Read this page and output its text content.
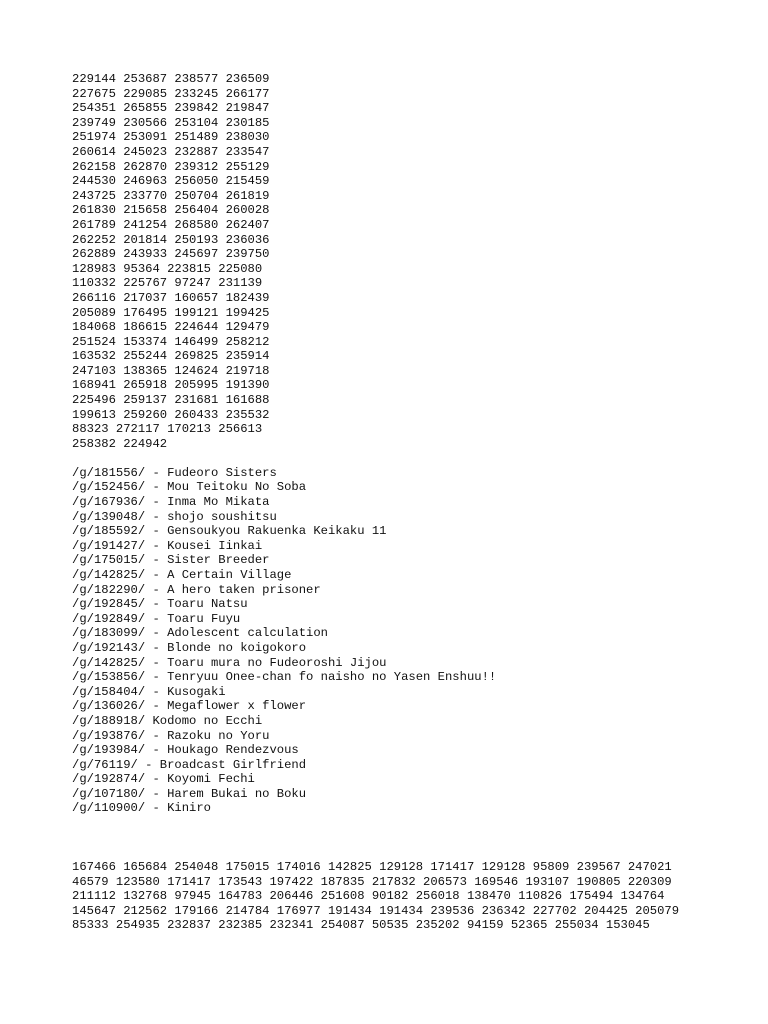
229144 253687 238577 236509
227675 229085 233245 266177
254351 265855 239842 219847
239749 230566 253104 230185
251974 253091 251489 238030
260614 245023 232887 233547
262158 262870 239312 255129
244530 246963 256050 215459
243725 233770 250704 261819
261830 215658 256404 260028
261789 241254 268580 262407
262252 201814 250193 236036
262889 243933 245697 239750
128983 95364 223815 225080
110332 225767 97247 231139
266116 217037 160657 182439
205089 176495 199121 199425
184068 186615 224644 129479
251524 153374 146499 258212
163532 255244 269825 235914
247103 138365 124624 219718
168941 265918 205995 191390
225496 259137 231681 161688
199613 259260 260433 235532
88323 272117 170213 256613
258382 224942
/g/181556/ - Fudeoro Sisters
/g/152456/ - Mou Teitoku No Soba
/g/167936/ - Inma Mo Mikata
/g/139048/ - shojo soushitsu
/g/185592/ - Gensoukyou Rakuenka Keikaku 11
/g/191427/ - Kousei Iinkai
/g/175015/ - Sister Breeder
/g/142825/ - A Certain Village
/g/182290/ - A hero taken prisoner
/g/192845/ - Toaru Natsu
/g/192849/ - Toaru Fuyu
/g/183099/ - Adolescent calculation
/g/192143/ - Blonde no koigokoro
/g/142825/ - Toaru mura no Fudeoroshi Jijou
/g/153856/ - Tenryuu Onee-chan fo naisho no Yasen Enshuu!!
/g/158404/ - Kusogaki
/g/136026/ - Megaflower x flower
/g/188918/ Kodomo no Ecchi
/g/193876/ - Razoku no Yoru
/g/193984/ - Houkago Rendezvous
/g/76119/ - Broadcast Girlfriend
/g/192874/ - Koyomi Fechi
/g/107180/ - Harem Bukai no Boku
/g/110900/ - Kiniro
167466 165684 254048 175015 174016 142825 129128 171417 129128 95809 239567 247021
46579 123580 171417 173543 197422 187835 217832 206573 169546 193107 190805 220309
211112 132768 97945 164783 206446 251608 90182 256018 138470 110826 175494 134764
145647 212562 179166 214784 176977 191434 191434 239536 236342 227702 204425 205079
85333 254935 232837 232385 232341 254087 50535 235202 94159 52365 255034 153045
